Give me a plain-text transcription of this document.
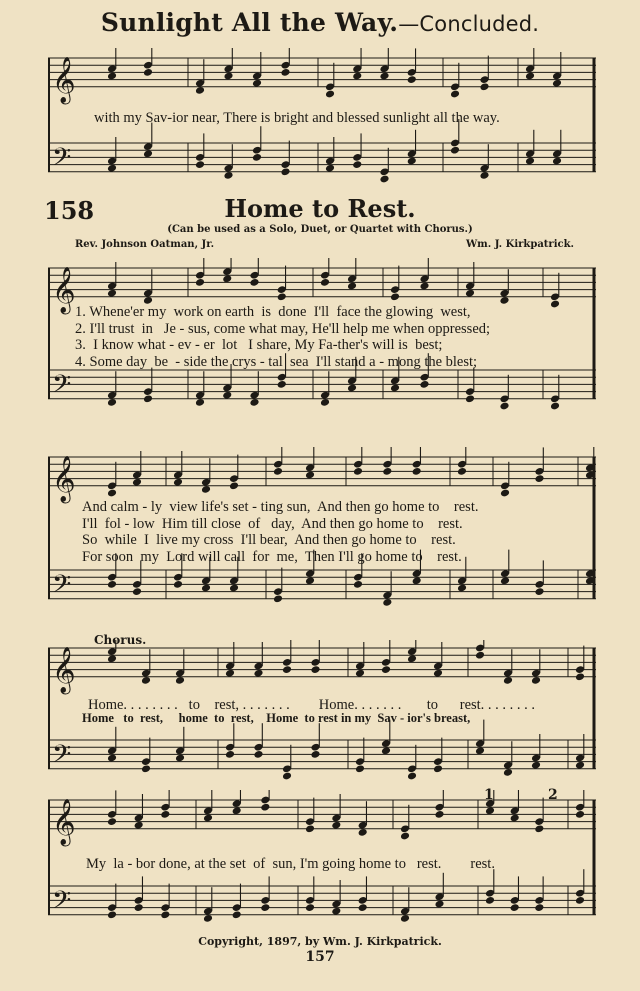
Sunlight All the Way.—Concluded.
𝄞
𝄢
with my Sav-ior near, There is bright and blessed sunlight all the way.
158	Home to Rest.
(Can be used as a Solo, Duet, or Quartet with Chorus.)
Rev. Johnson Oatman, Jr.	Wm. J. Kirkpatrick.
𝄞
𝄢
1. Whene'er my  work on earth  is  done  I'll  face the glowing  west,
2. I'll trust  in   Je - sus, come what may, He'll help me when oppressed;
3.  I know what - ev - er  lot   I share, My Fa-ther's will is  best;
4. Some day  be  - side the crys - tal  sea  I'll stand a - mong the blest;
𝄞
𝄢
And calm - ly  view life's set - ting sun,  And then go home to    rest.
I'll  fol - low  Him till close  of   day,  And then go home to    rest.
So  while  I  live my cross  I'll bear,  And then go home to    rest.
For soon  my  Lord will call  for  me,  Then I'll go home to    rest.
Chorus.
𝄞
𝄢
Home. . . . . . . .   to    rest, . . . . . . .        Home. . . . . . .       to      rest. . . . . . . .
Home   to  rest,     home  to  rest,    Home  to rest in my  Sav - ior's breast,
𝄞
𝄢
1	2
My  la - bor done, at the set  of  sun, I'm going home to   rest.        rest.
Copyright, 1897, by Wm. J. Kirkpatrick.
157
